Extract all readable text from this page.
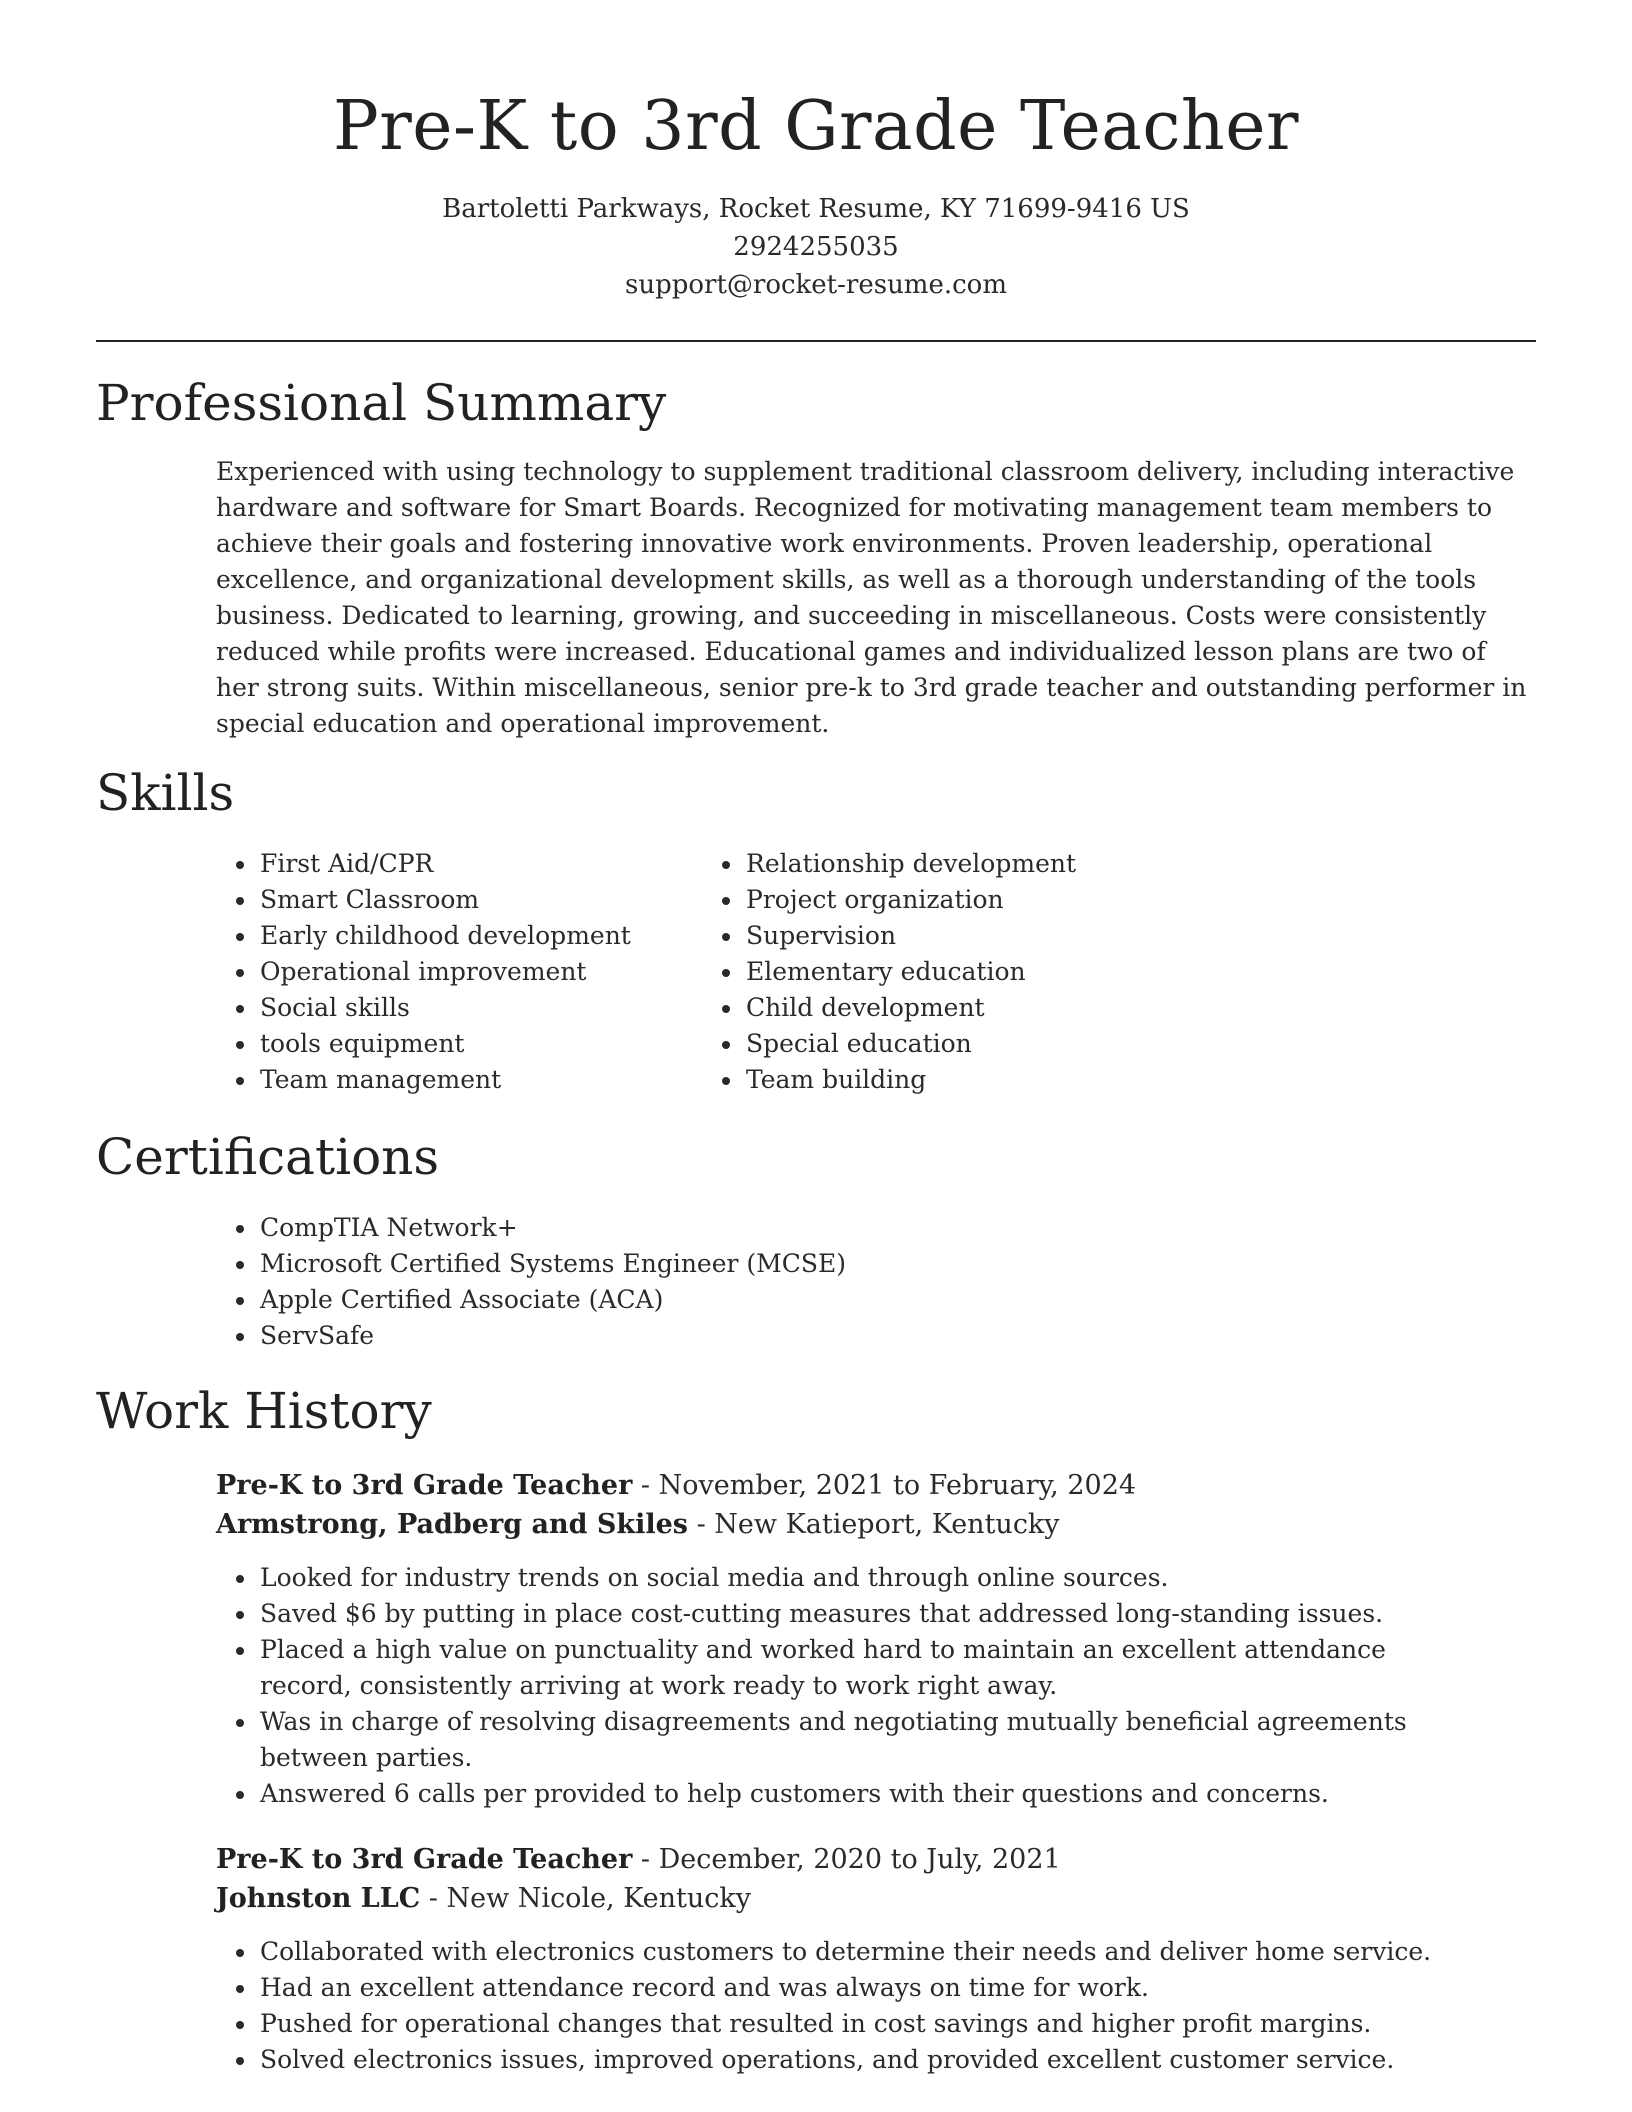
Pre-K to 3rd Grade Teacher
Bartoletti Parkways, Rocket Resume, KY 71699-9416 US
2924255035
support@rocket-resume.com
Professional Summary

Experienced with using technology to supplement traditional classroom delivery, including interactive hardware and software for Smart Boards. Recognized for motivating management team members to achieve their goals and fostering innovative work environments. Proven leadership, operational excellence, and organizational development skills, as well as a thorough understanding of the tools business. Dedicated to learning, growing, and succeeding in miscellaneous. Costs were consistently reduced while profits were increased. Educational games and individualized lesson plans are two of her strong suits. Within miscellaneous, senior pre-k to 3rd grade teacher and outstanding performer in special education and operational improvement.

Skills
First Aid/CPR
Smart Classroom
Early childhood development
Operational improvement
Social skills
tools equipment
Team management
Relationship development
Project organization
Supervision
Elementary education
Child development
Special education
Team building
Certifications
CompTIA Network+
Microsoft Certified Systems Engineer (MCSE)
Apple Certified Associate (ACA)
ServSafe
Work History
Pre-K to 3rd Grade Teacher - November, 2021 to February, 2024
Armstrong, Padberg and Skiles - New Katieport, Kentucky
Looked for industry trends on social media and through online sources.
Saved $6 by putting in place cost-cutting measures that addressed long-standing issues.
Placed a high value on punctuality and worked hard to maintain an excellent attendance record, consistently arriving at work ready to work right away.
Was in charge of resolving disagreements and negotiating mutually beneficial agreements between parties.
Answered 6 calls per provided to help customers with their questions and concerns.
Pre-K to 3rd Grade Teacher - December, 2020 to July, 2021
Johnston LLC - New Nicole, Kentucky
Collaborated with electronics customers to determine their needs and deliver home service.
Had an excellent attendance record and was always on time for work.
Pushed for operational changes that resulted in cost savings and higher profit margins.
Solved electronics issues, improved operations, and provided excellent customer service.
